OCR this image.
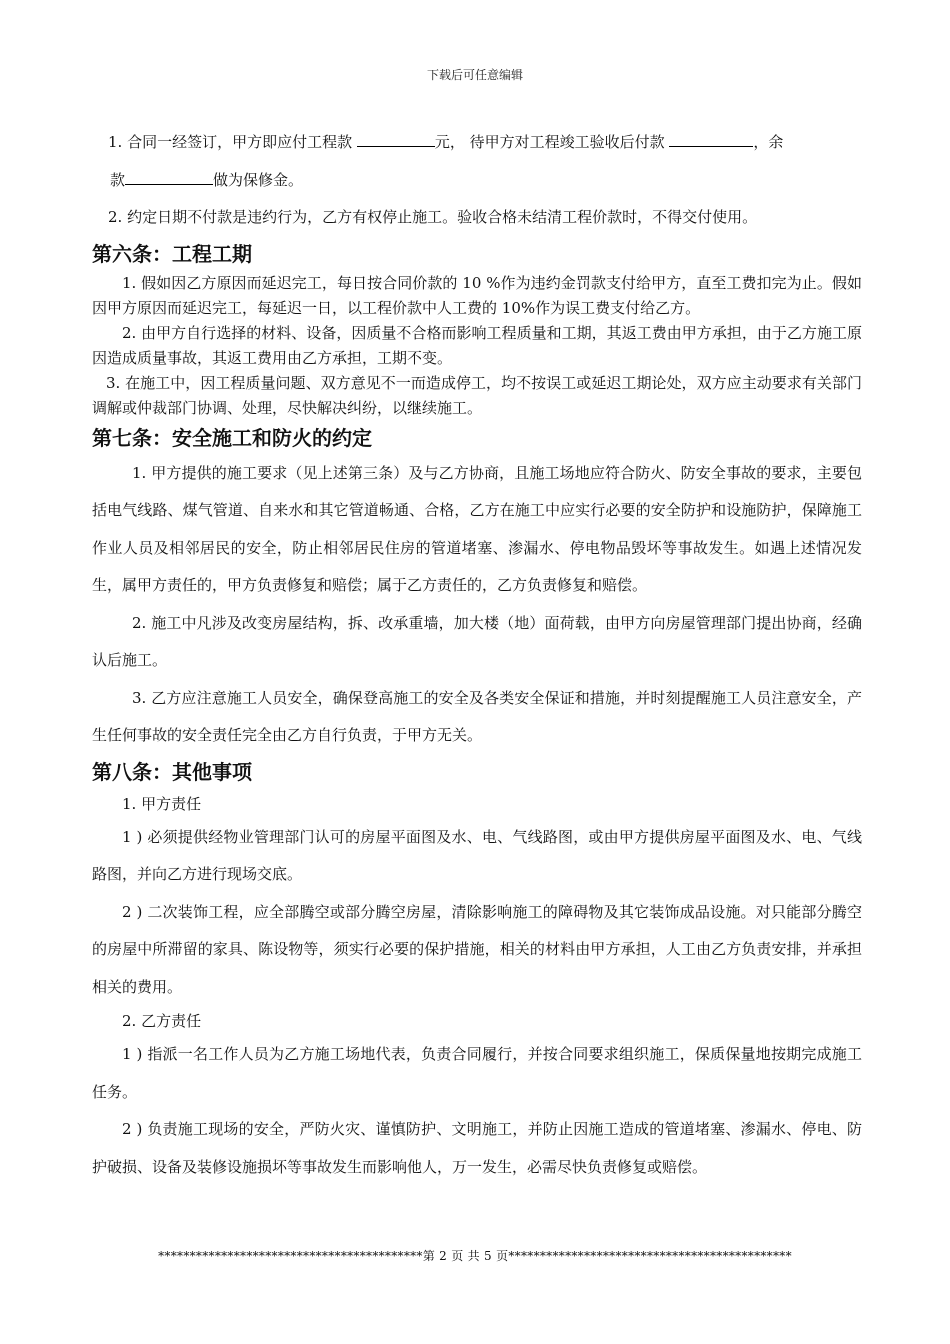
下载后可任意编辑

1. 合同一经签订，甲方即应付工程款	元， 待甲方对工程竣工验收后付款	，余

款	做为保修金。

2. 约定日期不付款是违约行为，乙方有权停止施工。验收合格未结清工程价款时，不得交付使用。

第六条：工程工期

1. 假如因乙方原因而延迟完工，每日按合同价款的 10 %作为违约金罚款支付给甲方，直至工费扣完为止。假如因甲方原因而延迟完工，每延迟一日，以工程价款中人工费的 10%作为误工费支付给乙方。

2. 由甲方自行选择的材料、设备，因质量不合格而影响工程质量和工期，其返工费由甲方承担，由于乙方施工原因造成质量事故，其返工费用由乙方承担，工期不变。

3. 在施工中，因工程质量问题、双方意见不一而造成停工，均不按误工或延迟工期论处，双方应主动要求有关部门调解或仲裁部门协调、处理，尽快解决纠纷，以继续施工。

第七条：安全施工和防火的约定

1. 甲方提供的施工要求（见上述第三条）及与乙方协商，且施工场地应符合防火、防安全事故的要求，主要包括电气线路、煤气管道、自来水和其它管道畅通、合格，乙方在施工中应实行必要的安全防护和设施防护，保障施工作业人员及相邻居民的安全，防止相邻居民住房的管道堵塞、渗漏水、停电物品毁坏等事故发生。如遇上述情况发生，属甲方责任的，甲方负责修复和赔偿；属于乙方责任的，乙方负责修复和赔偿。

2. 施工中凡涉及改变房屋结构，拆、改承重墙，加大楼（地）面荷载，由甲方向房屋管理部门提出协商，经确认后施工。

3. 乙方应注意施工人员安全，确保登高施工的安全及各类安全保证和措施，并时刻提醒施工人员注意安全，产生任何事故的安全责任完全由乙方自行负责，于甲方无关。

第八条：其他事项

1. 甲方责任

1 ) 必须提供经物业管理部门认可的房屋平面图及水、电、气线路图，或由甲方提供房屋平面图及水、电、气线路图，并向乙方进行现场交底。

2 ) 二次装饰工程，应全部腾空或部分腾空房屋，清除影响施工的障碍物及其它装饰成品设施。对只能部分腾空的房屋中所滞留的家具、陈设物等，须实行必要的保护措施，相关的材料由甲方承担，人工由乙方负责安排，并承担相关的费用。

2. 乙方责任

1 ) 指派一名工作人员为乙方施工场地代表，负责合同履行，并按合同要求组织施工，保质保量地按期完成施工任务。

2 ) 负责施工现场的安全，严防火灾、谨慎防护、文明施工，并防止因施工造成的管道堵塞、渗漏水、停电、防护破损、设备及装修设施损坏等事故发生而影响他人，万一发生，必需尽快负责修复或赔偿。

******************************************第 2 页 共 5 页*********************************************
